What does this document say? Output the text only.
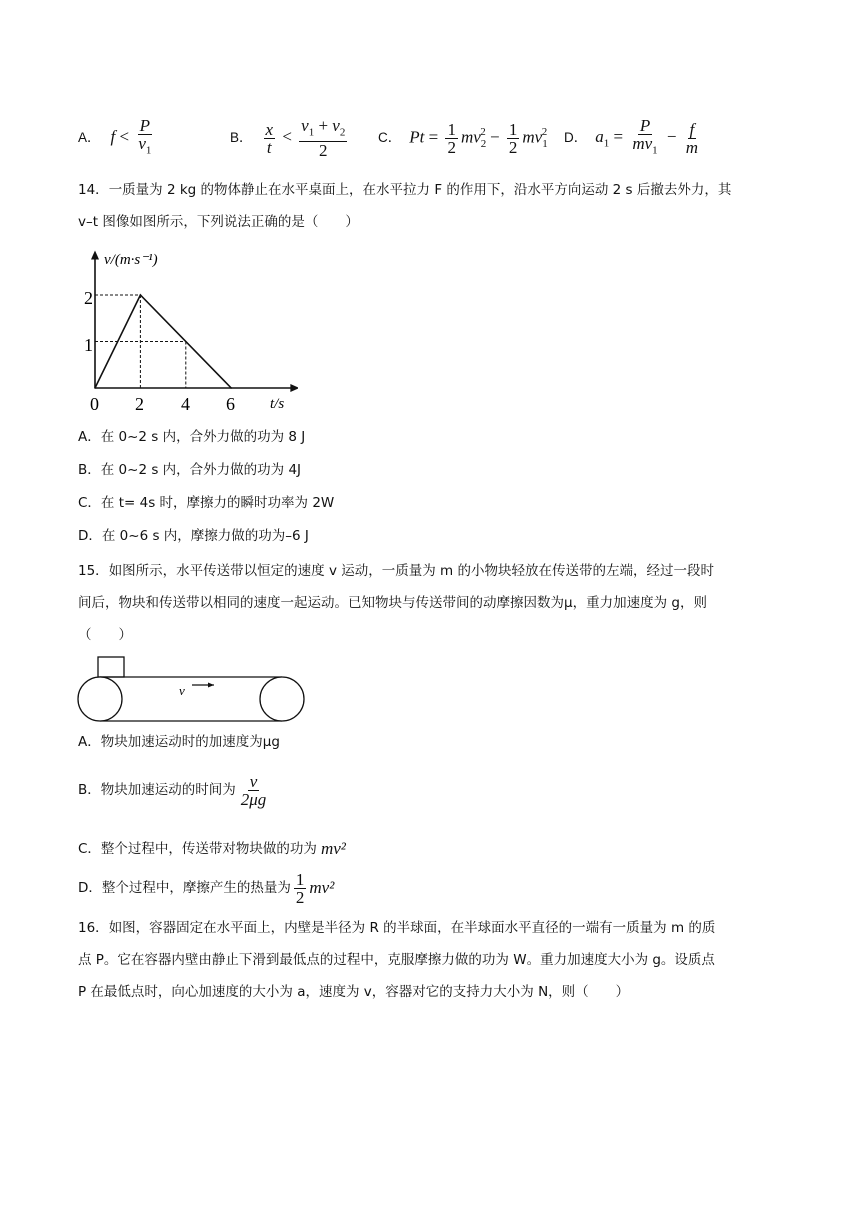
A． $f < \frac{P}{v_1}$	B． $\frac{x}{t} < \frac{v_1 + v_2}{2}$ C． $Pt = \frac{1}{2} mv_2^2 - \frac{1}{2} mv_1^2$ D． $a_1 = \frac{P}{mv_1} - \frac{f}{m}$
14．一质量为 2 kg 的物体静止在水平桌面上，在水平拉力 F 的作用下，沿水平方向运动 2 s 后撤去外力，其
v–t 图像如图所示，下列说法正确的是（　　）
v/(m·s⁻¹)
t/s
2
1
0 2 4 6
A．在 0~2 s 内，合外力做的功为 8 J
B．在 0~2 s 内，合外力做的功为 4J
C．在 t= 4s 时，摩擦力的瞬时功率为 2W
D．在 0~6 s 内，摩擦力做的功为–6 J
15．如图所示，水平传送带以恒定的速度 v 运动，一质量为 m 的小物块轻放在传送带的左端，经过一段时
间后，物块和传送带以相同的速度一起运动。已知物块与传送带间的动摩擦因数为μ，重力加速度为 g，则
（　　）
v
A．物块加速运动时的加速度为μg
B．物块加速运动的时间为 $\frac{v}{2\mu g}$
C．整个过程中，传送带对物块做的功为 mv²
D．整个过程中，摩擦产生的热量为 $\frac{1}{2} mv^2$
16．如图，容器固定在水平面上，内壁是半径为 R 的半球面，在半球面水平直径的一端有一质量为 m 的质
点 P。它在容器内壁由静止下滑到最低点的过程中，克服摩擦力做的功为 W。重力加速度大小为 g。设质点
P 在最低点时，向心加速度的大小为 a，速度为 v，容器对它的支持力大小为 N，则（　　）
